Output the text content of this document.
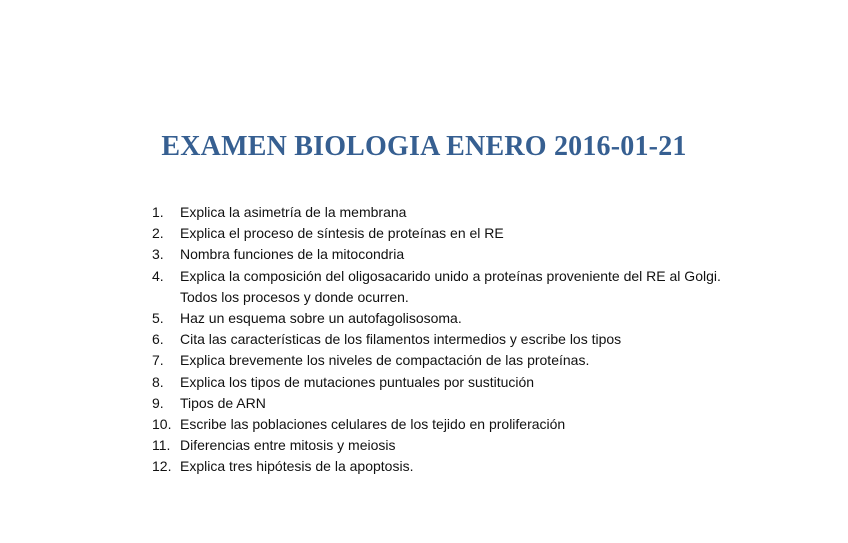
EXAMEN BIOLOGIA ENERO 2016-01-21
1.	Explica la asimetría de la membrana
2.	Explica el proceso de síntesis de proteínas en el RE
3.	Nombra funciones de la mitocondria
4.	Explica la composición del oligosacarido unido a proteínas proveniente del RE al Golgi. Todos los procesos y donde ocurren.
5.	Haz un esquema sobre un autofagolisosoma.
6.	Cita las características de los filamentos intermedios y escribe los tipos
7.	Explica brevemente los niveles de compactación de las proteínas.
8.	Explica los tipos de mutaciones puntuales por sustitución
9.	Tipos de ARN
10. Escribe las poblaciones celulares de los tejido en proliferación
11. Diferencias entre mitosis y meiosis
12. Explica tres hipótesis de la apoptosis.
